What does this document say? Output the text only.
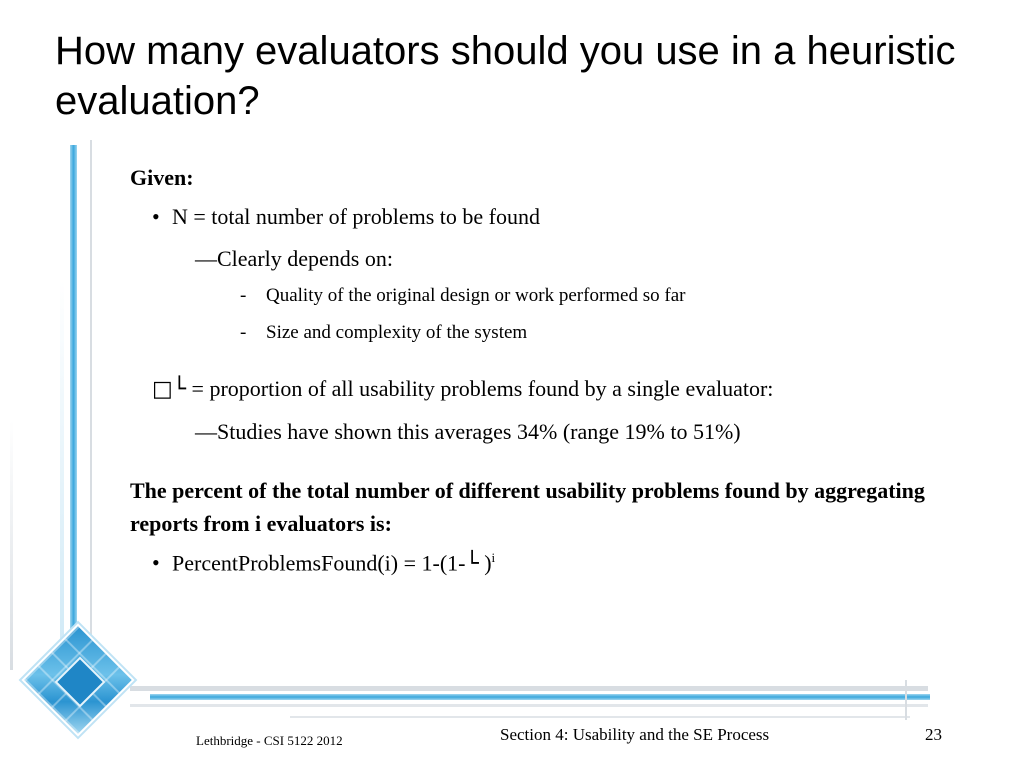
How many evaluators should you use in a heuristic evaluation?
Given:
• N = total number of problems to be found
—Clearly depends on:
- Quality of the original design or work performed so far
- Size and complexity of the system
□└ = proportion of all usability problems found by a single evaluator:
—Studies have shown this averages 34% (range 19% to 51%)
The percent of the total number of different usability problems found by aggregating reports from i evaluators is:
• PercentProblemsFound(i) = 1-(1-└ )$^i$
Lethbridge - CSI 5122 2012	Section 4: Usability and the SE Process	23
